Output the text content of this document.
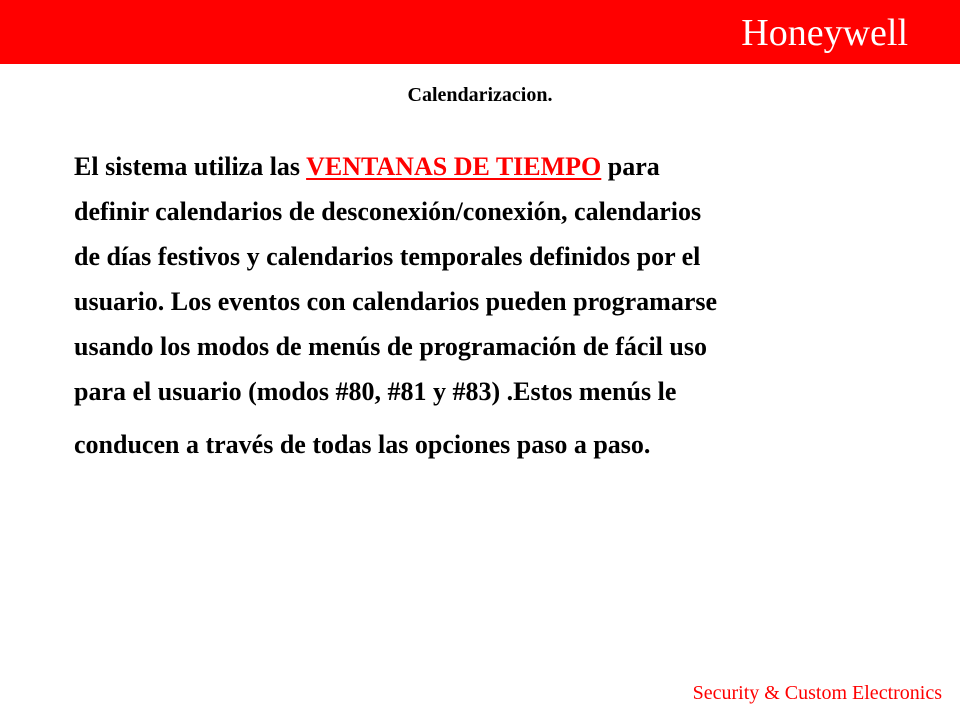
Honeywell
Calendarizacion.
El sistema utiliza las VENTANAS DE TIEMPO para
definir calendarios de desconexión/conexión, calendarios
de días festivos y calendarios temporales definidos por el
usuario. Los eventos con calendarios pueden programarse
usando los modos de menús de programación de fácil uso
para el usuario (modos #80, #81 y #83) .Estos menús le
conducen a través de todas las opciones paso a paso.
Security & Custom Electronics
